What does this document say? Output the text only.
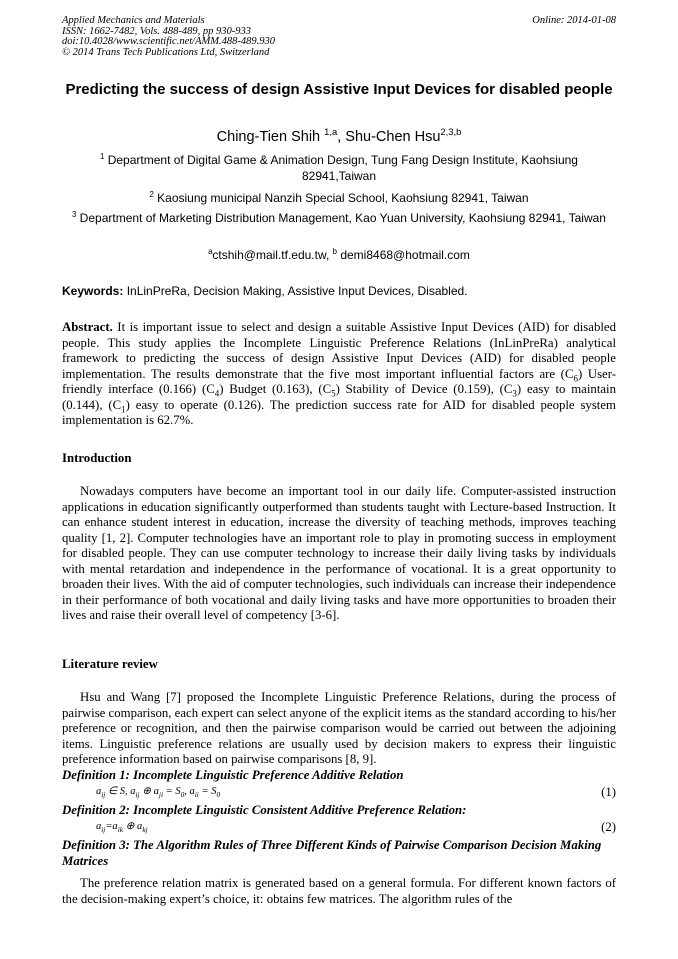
Applied Mechanics and Materials
ISSN: 1662-7482, Vols. 488-489, pp 930-933
doi:10.4028/www.scientific.net/AMM.488-489.930
© 2014 Trans Tech Publications Ltd, Switzerland
Online: 2014-01-08
Predicting the success of design Assistive Input Devices for disabled people
Ching-Tien Shih $^{1,a}$, Shu-Chen Hsu$^{2,3,b}$
$^1$ Department of Digital Game & Animation Design, Tung Fang Design Institute, Kaohsiung 82941,Taiwan
$^2$ Kaosiung municipal Nanzih Special School, Kaohsiung 82941, Taiwan
$^3$ Department of Marketing Distribution Management, Kao Yuan University, Kaohsiung 82941, Taiwan
$^a$ctshih@mail.tf.edu.tw, $^b$ demi8468@hotmail.com
Keywords: InLinPreRa, Decision Making, Assistive Input Devices, Disabled.
Abstract. It is important issue to select and design a suitable Assistive Input Devices (AID) for disabled people. This study applies the Incomplete Linguistic Preference Relations (InLinPreRa) analytical framework to predicting the success of design Assistive Input Devices (AID) for disabled people implementation. The results demonstrate that the five most important influential factors are $(C_6)$ User-friendly interface (0.166) $(C_4)$ Budget (0.163), $(C_5)$ Stability of Device (0.159), $(C_3)$ easy to maintain (0.144), $(C_1)$ easy to operate (0.126). The prediction success rate for AID for disabled people system implementation is 62.7%.
Introduction
Nowadays computers have become an important tool in our daily life. Computer-assisted instruction applications in education significantly outperformed than students taught with Lecture-based Instruction. It can enhance student interest in education, increase the diversity of teaching methods, improves teaching quality [1, 2]. Computer technologies have an important role to play in promoting success in employment for disabled people. They can use computer technology to increase their daily living tasks by individuals with mental retardation and independence in the performance of vocational. It is a great opportunity to broaden their lives. With the aid of computer technologies, such individuals can increase their independence in their performance of both vocational and daily living tasks and have more opportunities to broaden their lives and raise their overall level of competency [3-6].
Literature review
Hsu and Wang [7] proposed the Incomplete Linguistic Preference Relations, during the process of pairwise comparison, each expert can select anyone of the explicit items as the standard according to his/her preference or recognition, and then the pairwise comparison would be carried out between the adjoining items. Linguistic preference relations are usually used by decision makers to express their linguistic preference information based on pairwise comparisons [8, 9].
Definition 1: Incomplete Linguistic Preference Additive Relation
$a_{ij}$ ∈ S, $a_{ij}$ ⊕ $a_{ji} = S_0$, $a_{ii} = S_0$	(1)
Definition 2: Incomplete Linguistic Consistent Additive Preference Relation:
$a_{ij}=a_{ik}$ ⊕ $a_{kj}$	(2)
Definition 3: The Algorithm Rules of Three Different Kinds of Pairwise Comparison Decision Making Matrices
The preference relation matrix is generated based on a general formula. For different known factors of the decision-making expert’s choice, it: obtains few matrices. The algorithm rules of the
